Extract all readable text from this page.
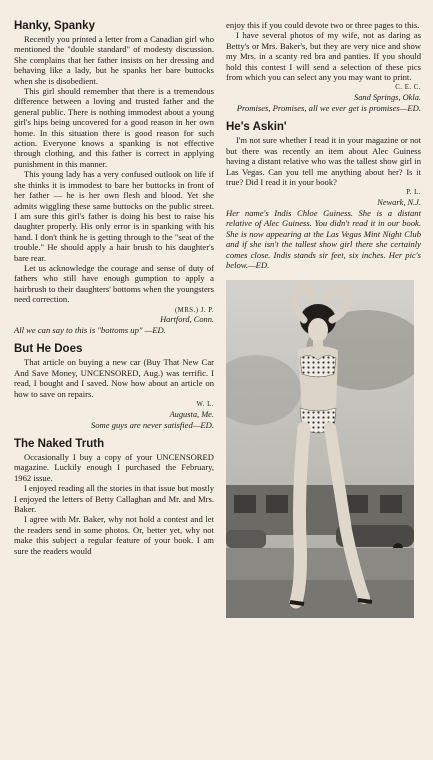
Hanky, Spanky

Recently you printed a letter from a Canadian girl who mentioned the "double standard" of modesty discussion. She complains that her father insists on her dressing and behaving like a lady, but he spanks her bare buttocks when she is disobedient.

This girl should remember that there is a tremendous difference between a loving and trusted father and the general public. There is nothing immodest about a young girl's hips being uncovered for a good reason in her own home. In this situation there is good reason for such action. Everyone knows a spanking is not effective through clothing, and this father is correct in applying punishment in this manner.

This young lady has a very confused outlook on life if she thinks it is immodest to bare her buttocks in front of her father — he is her own flesh and blood. Yet she admits wiggling these same buttocks on the public street. I am sure this girl's father is doing his best to raise his daughter properly. His only error is in spanking with his hand. I don't think he is getting through to the "seat of the trouble." He should apply a hair brush to his daughter's bare rear.

Let us acknowledge the courage and sense of duty of fathers who still have enough gumption to apply a hairbrush to their daughters' bottoms when the youngsters need correction.

(MRS.) J. P.
Hartford, Conn.
All we can say to this is "bottoms up" —ED.
But He Does

That article on buying a new car (Buy That New Car And Save Money, UNCENSORED, Aug.) was terrific. I read, I bought and I saved. Now how about an article on how to save on repairs.

W. L.
Augusta, Me.
Some guys are never satisfied—ED.
The Naked Truth

Occasionally I buy a copy of your UNCENSORED magazine. Luckily enough I purchased the February, 1962 issue.

I enjoyed reading all the stories in that issue but mostly I enjoyed the letters of Betty Callaghan and Mr. and Mrs. Baker.

I agree with Mr. Baker, why not hold a contest and let the readers send in some photos. Or, better yet, why not make this subject a regular feature of your book. I am sure the readers would

enjoy this if you could devote two or three pages to this.

I have several photos of my wife, not as daring as Betty's or Mrs. Baker's, but they are very nice and show my Mrs. in a scanty red bra and panties. If you should hold this contest I will send a selection of these pics from which you can select any you may want to print.

C. E. C.
Sand Springs, Okla.
Promises, Promises, all we ever get is promises—ED.
He's Askin'

I'm not sure whether I read it in your magazine or not but there was recently an item about Alec Guiness having a distant relative who was the tallest show girl in Las Vegas. Can you tell me anything about her? Is it true? Did I read it in your book?

P. L.
Newark, N.J.
Her name's Indis Chloe Guiness. She is a distant relative of Alec Guiness. You didn't read it in our book. She is now appearing at the Las Vegas Mint Night Club and if she isn't the tallest show girl there she certainly comes close. Indis stands sir feet, six inches. Her pic's below.—ED.
